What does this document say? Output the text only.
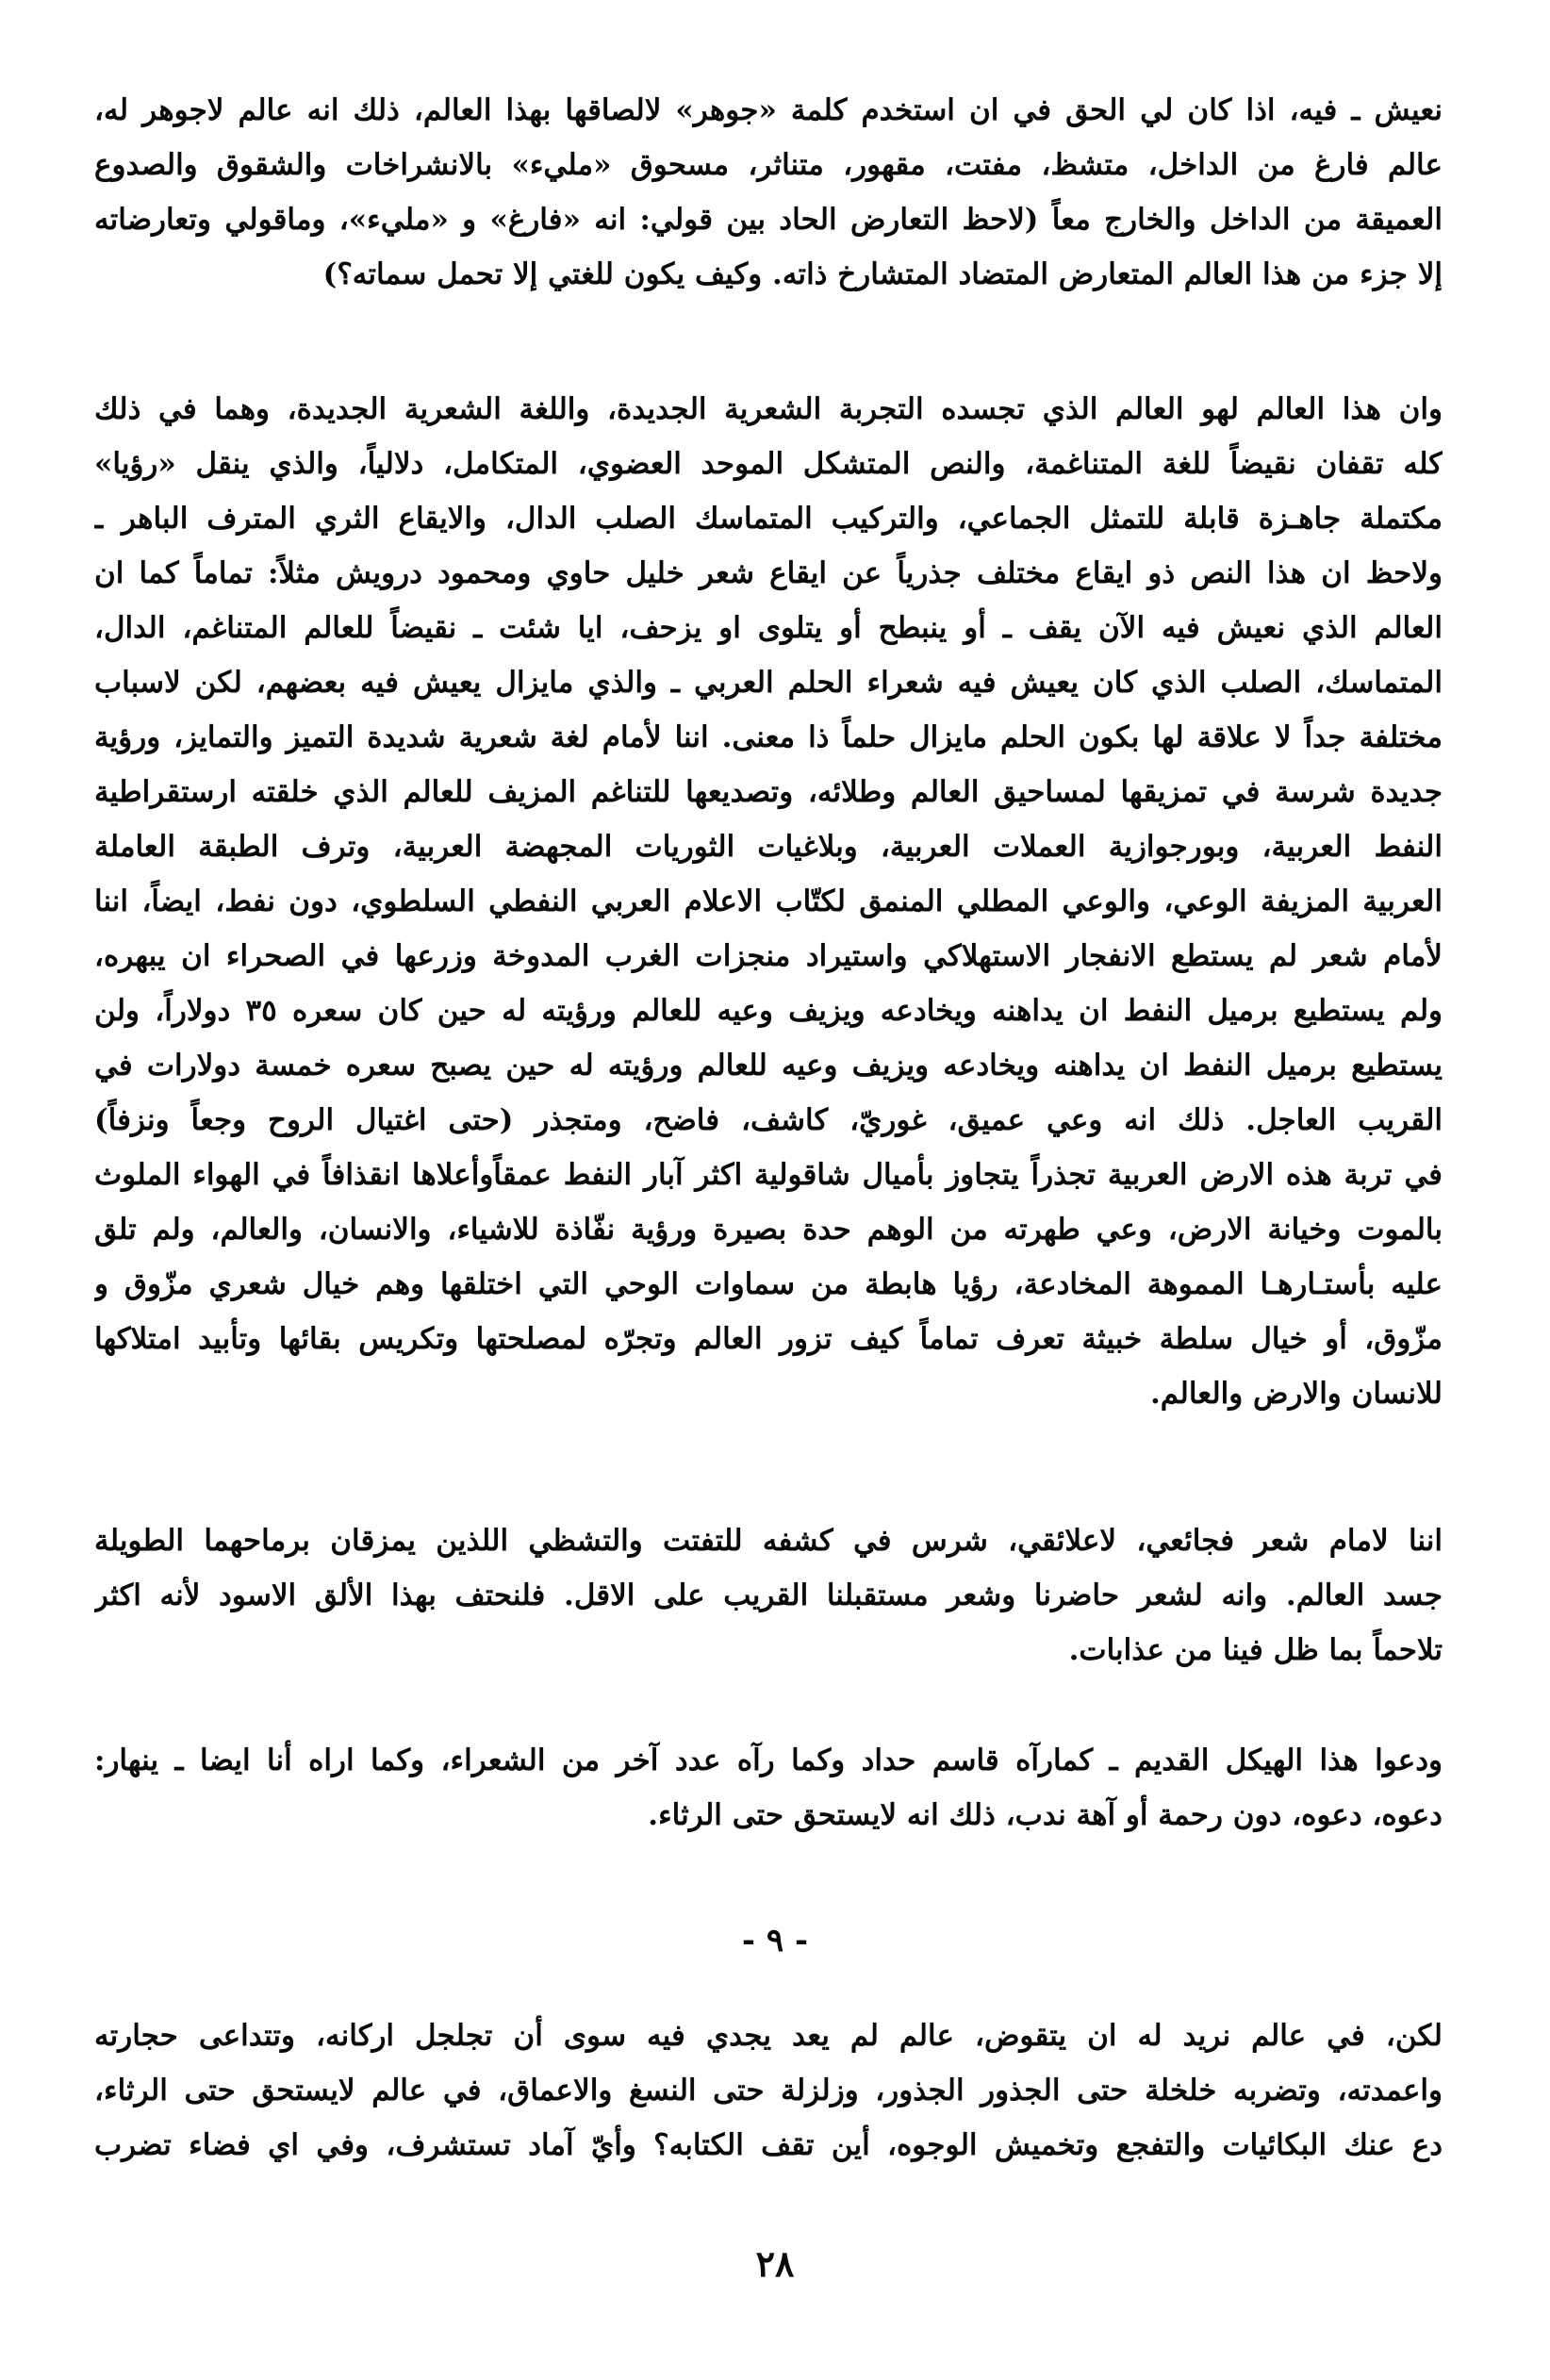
نعيش ـ فيه، اذا كان لي الحق في ان استخدم كلمة «جوهر» لالصاقها بهذا العالم، ذلك انه عالم لاجوهر له،
عالم فارغ من الداخل، متشظ، مفتت، مقهور، متناثر، مسحوق «مليء» بالانشراخات والشقوق والصدوع
العميقة من الداخل والخارج معاً (لاحظ التعارض الحاد بين قولي: انه «فارغ» و «مليء»، وماقولي وتعارضاته
إلا جزء من هذا العالم المتعارض المتضاد المتشارخ ذاته. وكيف يكون للغتي إلا تحمل سماته؟)
وان هذا العالم لهو العالم الذي تجسده التجربة الشعرية الجديدة، واللغة الشعرية الجديدة، وهما في ذلك
كله تقفان نقيضاً للغة المتناغمة، والنص المتشكل الموحد العضوي، المتكامل، دلالياً، والذي ينقل «رؤيا»
مكتملة جاهـزة قابلة للتمثل الجماعي، والتركيب المتماسك الصلب الدال، والايقاع الثري المترف الباهر ـ
ولاحظ ان هذا النص ذو ايقاع مختلف جذرياً عن ايقاع شعر خليل حاوي ومحمود درويش مثلاً: تماماً كما ان
العالم الذي نعيش فيه الآن يقف ـ أو ينبطح أو يتلوى او يزحف، ايا شئت ـ نقيضاً للعالم المتناغم، الدال،
المتماسك، الصلب الذي كان يعيش فيه شعراء الحلم العربي ـ والذي مايزال يعيش فيه بعضهم، لكن لاسباب
مختلفة جداً لا علاقة لها بكون الحلم مايزال حلماً ذا معنى. اننا لأمام لغة شعرية شديدة التميز والتمايز، ورؤية
جديدة شرسة في تمزيقها لمساحيق العالم وطلائه، وتصديعها للتناغم المزيف للعالم الذي خلقته ارستقراطية
النفط العربية، وبورجوازية العملات العربية، وبلاغيات الثوريات المجهضة العربية، وترف الطبقة العاملة
العربية المزيفة الوعي، والوعي المطلي المنمق لكتّاب الاعلام العربي النفطي السلطوي، دون نفط، ايضاً، اننا
لأمام شعر لم يستطع الانفجار الاستهلاكي واستيراد منجزات الغرب المدوخة وزرعها في الصحراء ان يبهره،
ولم يستطيع برميل النفط ان يداهنه ويخادعه ويزيف وعيه للعالم ورؤيته له حين كان سعره ٣٥ دولاراً، ولن
يستطيع برميل النفط ان يداهنه ويخادعه ويزيف وعيه للعالم ورؤيته له حين يصبح سعره خمسة دولارات في
القريب العاجل. ذلك انه وعي عميق، غوريّ، كاشف، فاضح، ومتجذر (حتى اغتيال الروح وجعاً ونزفاً)
في تربة هذه الارض العربية تجذراً يتجاوز بأميال شاقولية اكثر آبار النفط عمقاًوأعلاها انقذافاً في الهواء الملوث
بالموت وخيانة الارض، وعي طهرته من الوهم حدة بصيرة ورؤية نفّاذة للاشياء، والانسان، والعالم، ولم تلق
عليه بأستـارهـا المموهة المخادعة، رؤيا هابطة من سماوات الوحي التي اختلقها وهم خيال شعري مزّوق و
مزّوق، أو خيال سلطة خبيثة تعرف تماماً كيف تزور العالم وتجرّه لمصلحتها وتكريس بقائها وتأبيد امتلاكها
للانسان والارض والعالم.
اننا لامام شعر فجائعي، لاعلائقي، شرس في كشفه للتفتت والتشظي اللذين يمزقان برماحهما الطويلة
جسد العالم. وانه لشعر حاضرنا وشعر مستقبلنا القريب على الاقل. فلنحتف بهذا الألق الاسود لأنه اكثر
تلاحماً بما ظل فينا من عذابات.
ودعوا هذا الهيكل القديم ـ كمارآه قاسم حداد وكما رآه عدد آخر من الشعراء، وكما اراه أنا ايضا ـ ينهار:
دعوه، دعوه، دون رحمة أو آهة ندب، ذلك انه لايستحق حتى الرثاء.
- ٩ -
لكن، في عالم نريد له ان يتقوض، عالم لم يعد يجدي فيه سوى أن تجلجل اركانه، وتتداعى حجارته
واعمدته، وتضربه خلخلة حتى الجذور الجذور، وزلزلة حتى النسغ والاعماق، في عالم لايستحق حتى الرثاء،
دع عنك البكائيات والتفجع وتخميش الوجوه، أين تقف الكتابه؟ وأيّ آماد تستشرف، وفي اي فضاء تضرب
٢٨
